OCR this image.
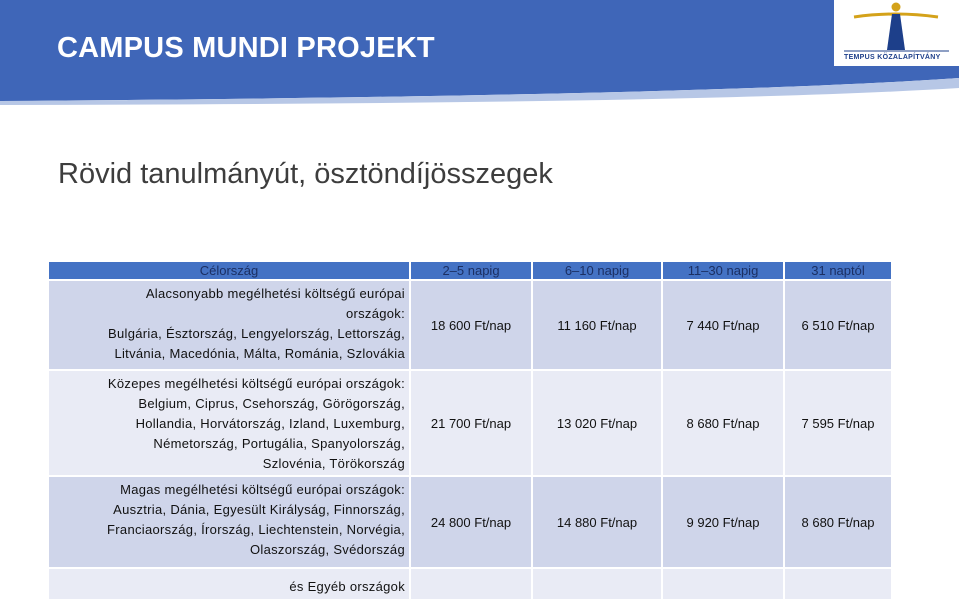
CAMPUS MUNDI PROJEKT	TEMPUS KÖZALAPÍTVÁNY
Rövid tanulmányút, ösztöndíjösszegek
Célország	2–5 napig	6–10 napig	11–30 napig	31 naptól

Alacsonyabb megélhetési költségű európai
országok:
Bulgária, Észtország, Lengyelország, Lettország,
Litvánia, Macedónia, Málta, Románia, Szlovákia	18 600 Ft/nap	11 160 Ft/nap	7 440 Ft/nap	6 510 Ft/nap

Közepes megélhetési költségű európai országok:
Belgium, Ciprus, Csehország, Görögország,
Hollandia, Horvátország, Izland, Luxemburg,
Németország, Portugália, Spanyolország,
Szlovénia, Törökország	21 700 Ft/nap	13 020 Ft/nap	8 680 Ft/nap	7 595 Ft/nap

Magas megélhetési költségű európai országok:
Ausztria, Dánia, Egyesült Királyság, Finnország,
Franciaország, Írország, Liechtenstein, Norvégia,
Olaszország, Svédország	24 800 Ft/nap	14 880 Ft/nap	9 920 Ft/nap	8 680 Ft/nap

és Egyéb országok				
